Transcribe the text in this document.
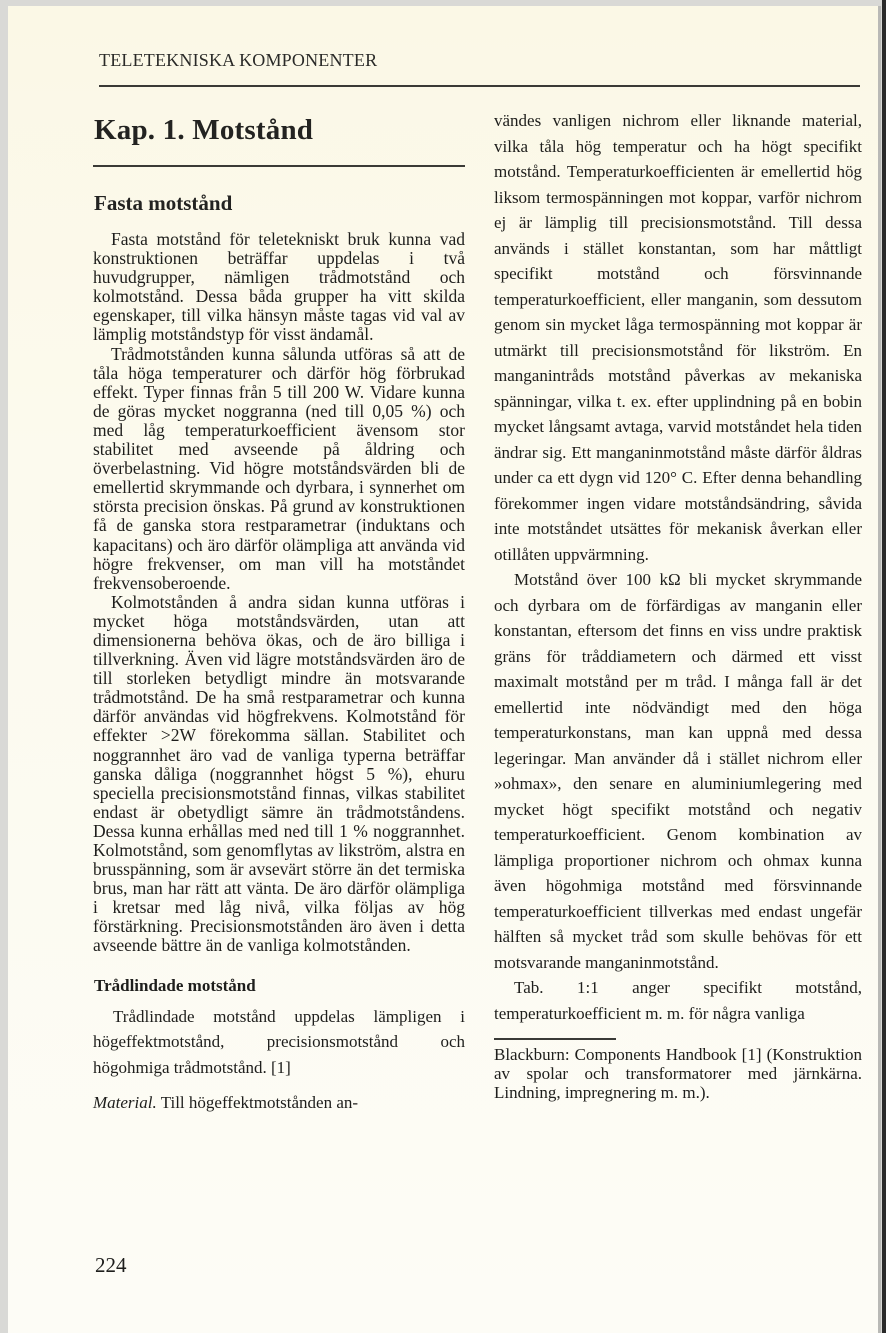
TELETEKNISKA KOMPONENTER
Kap. 1. Motstånd
Fasta motstånd

Fasta motstånd för teletekniskt bruk kunna vad konstruktionen beträffar uppdelas i två huvudgrupper, nämligen trådmotstånd och kolmotstånd. Dessa båda grupper ha vitt skilda egenskaper, till vilka hänsyn måste tagas vid val av lämplig motståndstyp för visst ändamål.

Trådmotstånden kunna sålunda utföras så att de tåla höga temperaturer och därför hög förbrukad effekt. Typer finnas från 5 till 200 W. Vidare kunna de göras mycket noggranna (ned till 0,05 %) och med låg temperaturkoefficient ävensom stor stabilitet med avseende på åldring och överbelastning. Vid högre motståndsvärden bli de emellertid skrymmande och dyrbara, i synnerhet om största precision önskas. På grund av konstruktionen få de ganska stora restparametrar (induktans och kapacitans) och äro därför olämpliga att använda vid högre frekvenser, om man vill ha motståndet frekvensoberoende.

Kolmotstånden å andra sidan kunna utföras i mycket höga motståndsvärden, utan att dimensionerna behöva ökas, och de äro billiga i tillverkning. Även vid lägre motståndsvärden äro de till storleken betydligt mindre än motsvarande trådmotstånd. De ha små restparametrar och kunna därför användas vid högfrekvens. Kolmotstånd för effekter >2W förekomma sällan. Stabilitet och noggrannhet äro vad de vanliga typerna beträffar ganska dåliga (noggrannhet högst 5 %), ehuru speciella precisionsmotstånd finnas, vilkas stabilitet endast är obetydligt sämre än trådmotståndens. Dessa kunna erhållas med ned till 1 % noggrannhet. Kolmotstånd, som genomflytas av likström, alstra en brusspänning, som är avsevärt större än det termiska brus, man har rätt att vänta. De äro därför olämpliga i kretsar med låg nivå, vilka följas av hög förstärkning. Precisionsmotstånden äro även i detta avseende bättre än de vanliga kolmotstånden.

Trådlindade motstånd

Trådlindade motstånd uppdelas lämpligen i högeffektmotstånd, precisionsmotstånd och högohmiga trådmotstånd. [1]

Material. Till högeffektmotstånden an-

vändes vanligen nichrom eller liknande material, vilka tåla hög temperatur och ha högt specifikt motstånd. Temperaturkoefficienten är emellertid hög liksom termospänningen mot koppar, varför nichrom ej är lämplig till precisionsmotstånd. Till dessa används i stället konstantan, som har måttligt specifikt motstånd och försvinnande temperaturkoefficient, eller manganin, som dessutom genom sin mycket låga termospänning mot koppar är utmärkt till precisionsmotstånd för likström. En manganintråds motstånd påverkas av mekaniska spänningar, vilka t. ex. efter upplindning på en bobin mycket långsamt avtaga, varvid motståndet hela tiden ändrar sig. Ett manganinmotstånd måste därför åldras under ca ett dygn vid 120° C. Efter denna behandling förekommer ingen vidare motståndsändring, såvida inte motståndet utsättes för mekanisk åverkan eller otillåten uppvärmning.

Motstånd över 100 kΩ bli mycket skrymmande och dyrbara om de förfärdigas av manganin eller konstantan, eftersom det finns en viss undre praktisk gräns för tråddiametern och därmed ett visst maximalt motstånd per m tråd. I många fall är det emellertid inte nödvändigt med den höga temperaturkonstans, man kan uppnå med dessa legeringar. Man använder då i stället nichrom eller »ohmax», den senare en aluminiumlegering med mycket högt specifikt motstånd och negativ temperaturkoefficient. Genom kombination av lämpliga proportioner nichrom och ohmax kunna även högohmiga motstånd med försvinnande temperaturkoefficient tillverkas med endast ungefär hälften så mycket tråd som skulle behövas för ett motsvarande manganinmotstånd.

Tab. 1:1 anger specifikt motstånd, temperaturkoefficient m. m. för några vanliga

Blackburn: Components Handbook [1] (Konstruktion av spolar och transformatorer med järnkärna. Lindning, impregnering m. m.).
224
